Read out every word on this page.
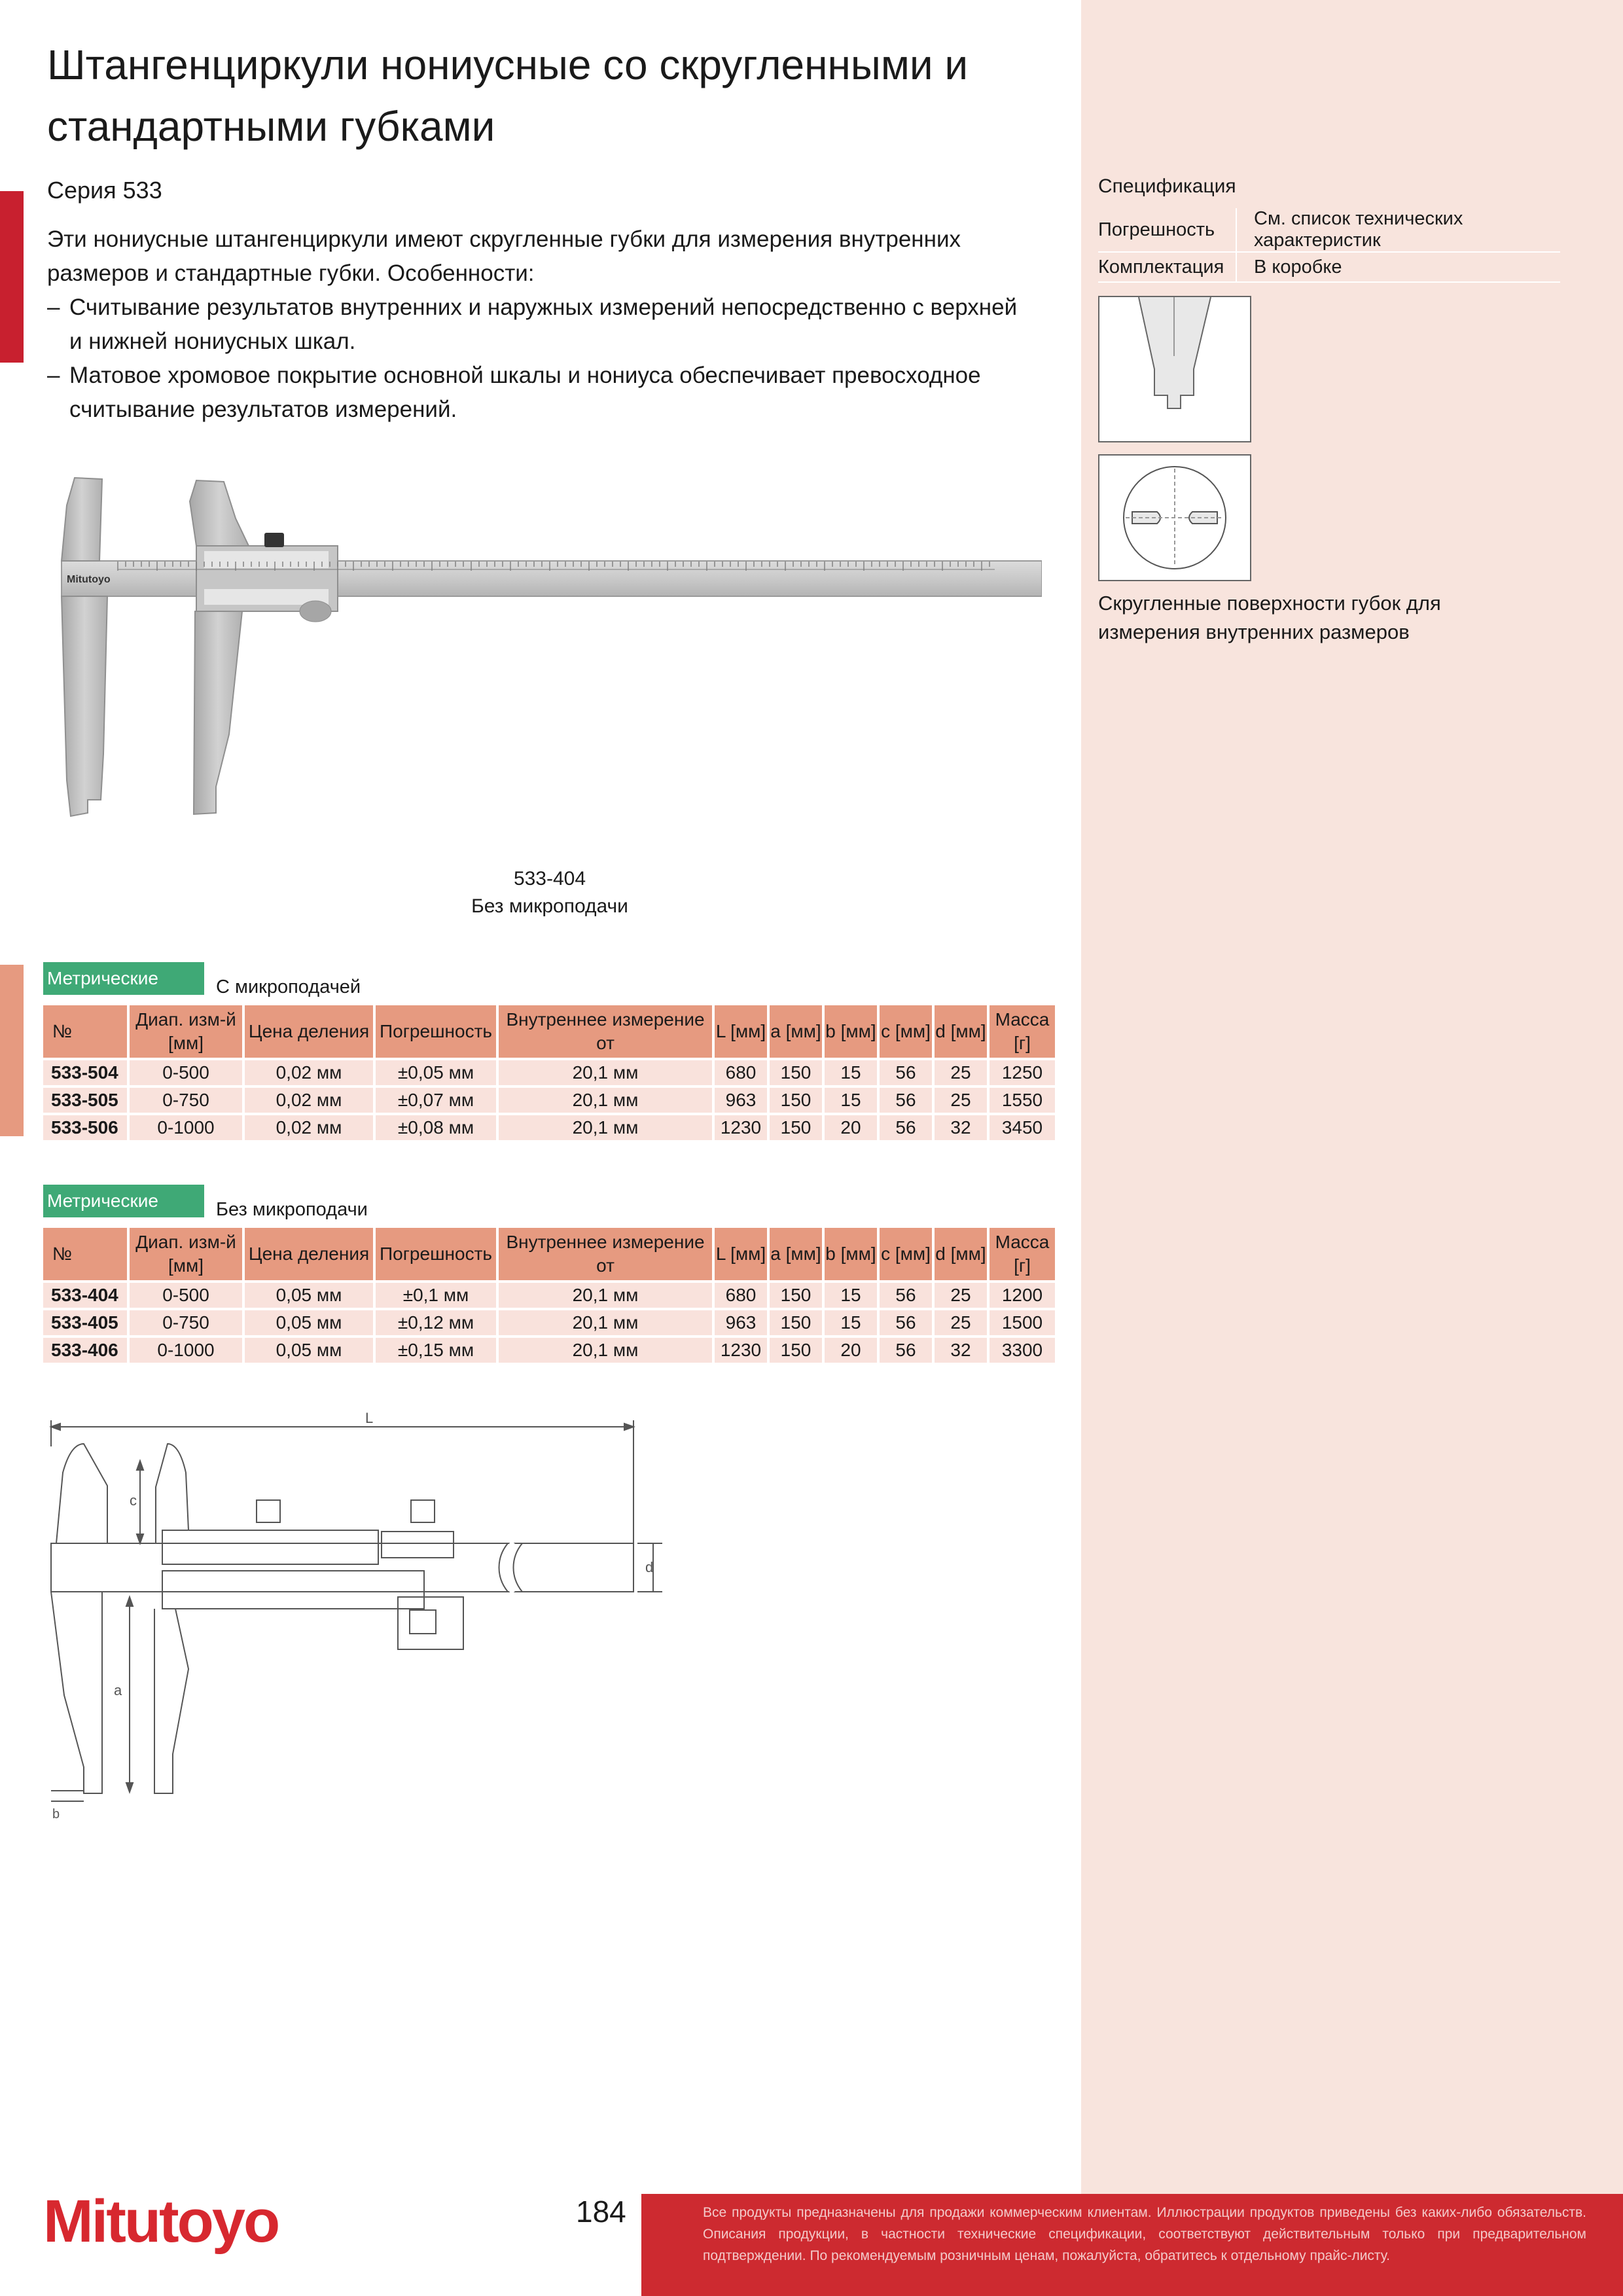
Штангенциркули нониусные со скругленными и стандартными губками
Серия 533
Эти нониусные штангенциркули имеют скругленные губки для измерения внутренних размеров и стандартные губки. Особенности:
– Считывание результатов внутренних и наружных измерений непосредственно с верхней и нижней нониусных шкал.
– Матовое хромовое покрытие основной шкалы и нониуса обеспечивает превосходное считывание результатов измерений.
Mitutoyo
533-404
Без микроподачи
Метрические	С микроподачей
№	Диап. изм-й [мм]	Цена деления	Погрешность	Внутреннее измерение от	L [мм]	a [мм]	b [мм]	c [мм]	d [мм]	Масса [г]
533-504	0-500	0,02 мм	±0,05 мм	20,1 мм	680	150	15	56	25	1250
533-505	0-750	0,02 мм	±0,07 мм	20,1 мм	963	150	15	56	25	1550
533-506	0-1000	0,02 мм	±0,08 мм	20,1 мм	1230	150	20	56	32	3450
Метрические	Без микроподачи
№	Диап. изм-й [мм]	Цена деления	Погрешность	Внутреннее измерение от	L [мм]	a [мм]	b [мм]	c [мм]	d [мм]	Масса [г]
533-404	0-500	0,05 мм	±0,1 мм	20,1 мм	680	150	15	56	25	1200
533-405	0-750	0,05 мм	±0,12 мм	20,1 мм	963	150	15	56	25	1500
533-406	0-1000	0,05 мм	±0,15 мм	20,1 мм	1230	150	20	56	32	3300
L
c
a
b
d
Спецификация
Погрешность	См. список технических характеристик
Комплектация	В коробке
Скругленные поверхности губок для измерения внутренних размеров
Mitutoyo	184	Все продукты предназначены для продажи коммерческим клиентам. Иллюстрации продуктов приведены без каких-либо обязательств. Описания продукции, в частности технические спецификации, соответствуют действительным только при предварительном подтверждении. По рекомендуемым розничным ценам, пожалуйста, обратитесь к отдельному прайс-листу.
